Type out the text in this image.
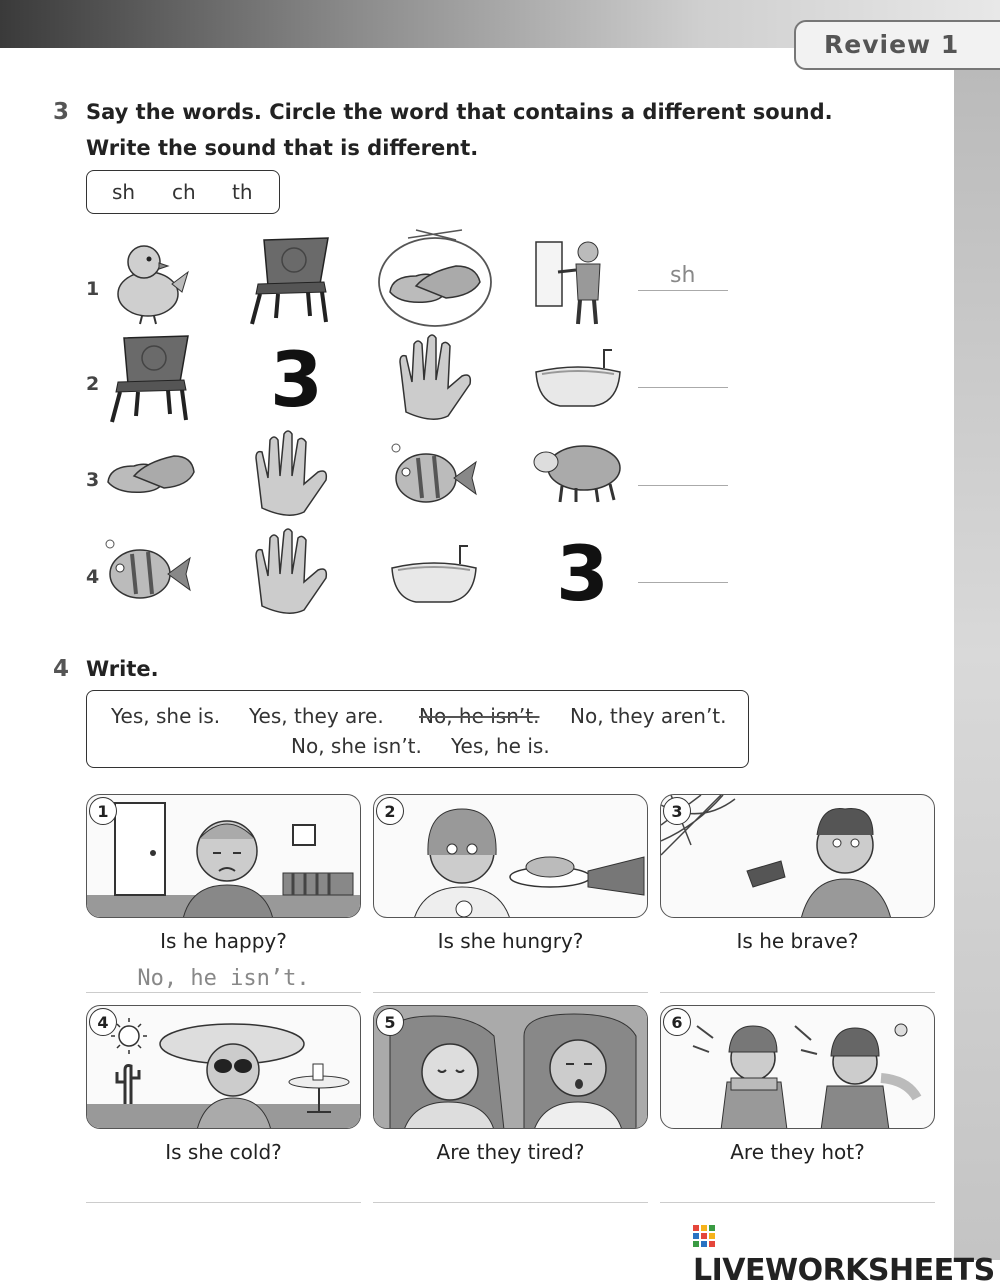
Review 1
3 Say the words. Circle the word that contains a different sound.
Write the sound that is different.
sh ch th
1
2
3
4
sh
3
3
4 Write.
Yes, she is. Yes, they are. No, he isn’t. No, they aren’t.
No, she isn’t. Yes, he is.
1
Is he happy?
No, he isn’t.
2
Is she hungry?
3
Is he brave?
4
Is she cold?
5
Are they tired?
6
Are they hot?
LIVEWORKSHEETS
